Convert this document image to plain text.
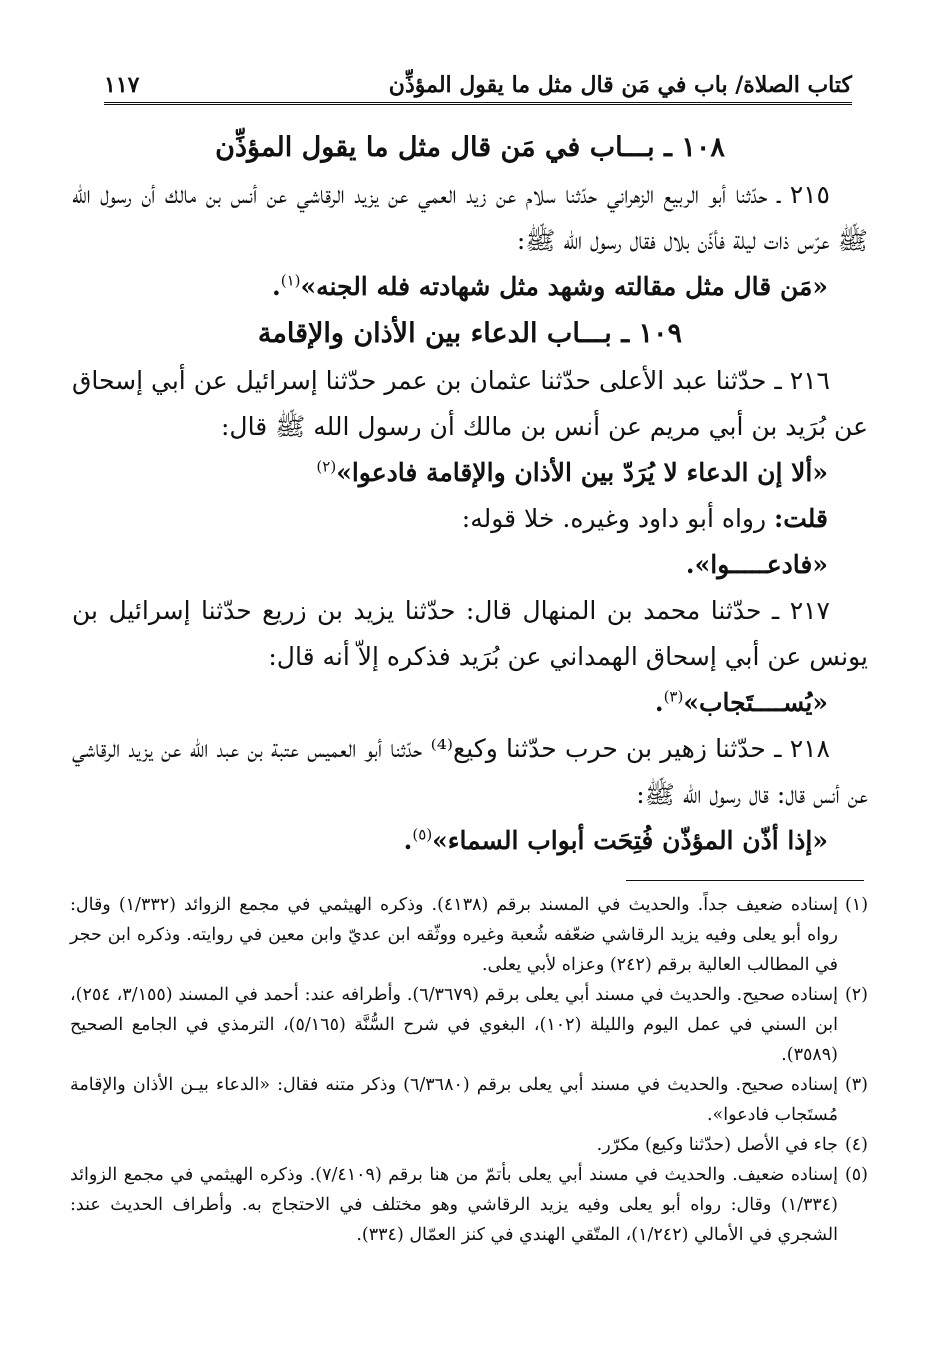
كتاب الصلاة/ باب في مَن قال مثل ما يقول المؤذِّن
١١٧

١٠٨ ـ بـــاب في مَن قال مثل ما يقول المؤذِّن

٢١٥ ـ حدّثنا أبو الربيع الزهراني حدّثنا سلام عن زيد العمي عن يزيد الرقاشي عن أنس بن مالك أن رسول الله ﷺ عرّس ذات ليلة فأذّن بلال فقال رسول الله ﷺ:

«مَن قال مثل مقالته وشهد مثل شهادته فله الجنه»$^{(١)}$.

١٠٩ ـ بـــاب الدعاء بين الأذان والإقامة

٢١٦ ـ حدّثنا عبد الأعلى حدّثنا عثمان بن عمر حدّثنا إسرائيل عن أبي إسحاق عن بُرَيد بن أبي مريم عن أنس بن مالك أن رسول الله ﷺ قال:

«ألا إن الدعاء لا يُرَدّ بين الأذان والإقامة فادعوا»$^{(٢)}$

قلت: رواه أبو داود وغيره. خلا قوله:

«فادعـــــوا».

٢١٧ ـ حدّثنا محمد بن المنهال قال: حدّثنا يزيد بن زريع حدّثنا إسرائيل بن يونس عن أبي إسحاق الهمداني عن بُرَيد فذكره إلاّ أنه قال:

«يُســــتَجاب»$^{(٣)}$.

٢١٨ ـ حدّثنا زهير بن حرب حدّثنا وكيع⁽⁴⁾ حدّثنا أبو العميس عتبة بن عبد الله عن يزيد الرقاشي عن أنس قال: قال رسول الله ﷺ:

«إذا أذّن المؤذّن فُتِحَت أبواب السماء»$^{(٥)}$.

(١)إسناده ضعيف جداً. والحديث في المسند برقم (٤١٣٨). وذكره الهيثمي في مجمع الزوائد (١/٣٣٢) وقال: رواه أبو يعلى وفيه يزيد الرقاشي ضعّفه شُعبة وغيره ووثّقه ابن عديّ وابن معين في روايته. وذكره ابن حجر في المطالب العالية برقم (٢٤٢) وعزاه لأبي يعلى.

(٢)إسناده صحيح. والحديث في مسند أبي يعلى برقم (٦/٣٦٧٩). وأطرافه عند: أحمد في المسند (٣/١٥٥، ٢٥٤)، ابن السني في عمل اليوم والليلة (١٠٢)، البغوي في شرح السُّنَّة (٥/١٦٥)، الترمذي في الجامع الصحيح (٣٥٨٩).

(٣)إسناده صحيح. والحديث في مسند أبي يعلى برقم (٦/٣٦٨٠) وذكر متنه فقال: «الدعاء بيـن الأذان والإقامة مُستَجاب فادعوا».

(٤)جاء في الأصل (حدّثنا وكيع) مكرّر.

(٥)إسناده ضعيف. والحديث في مسند أبي يعلى بأتمّ من هنا برقم (٧/٤١٠٩). وذكره الهيثمي في مجمع الزوائد (١/٣٣٤) وقال: رواه أبو يعلى وفيه يزيد الرقاشي وهو مختلف في الاحتجاج به. وأطراف الحديث عند: الشجري في الأمالي (١/٢٤٢)، المتّقي الهندي في كنز العمّال (٣٣٤).
